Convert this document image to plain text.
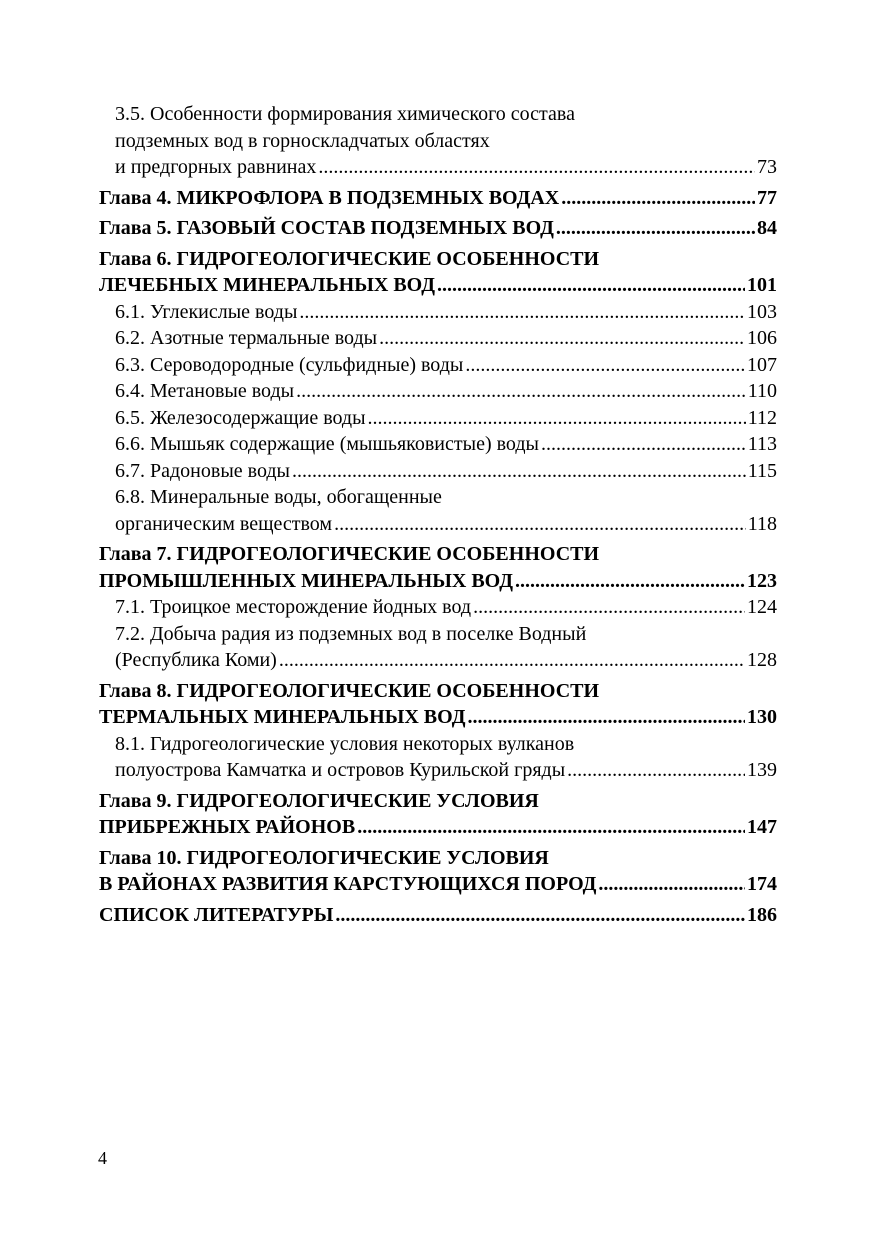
3.5. Особенности формирования химического состава
подземных вод в горноскладчатых областях
и предгорных равнинах .....	73
Глава 4. МИКРОФЛОРА В ПОДЗЕМНЫХ ВОДАХ .....	77
Глава 5. ГАЗОВЫЙ СОСТАВ ПОДЗЕМНЫХ ВОД .....	84
Глава 6. ГИДРОГЕОЛОГИЧЕСКИЕ ОСОБЕННОСТИ
ЛЕЧЕБНЫХ МИНЕРАЛЬНЫХ ВОД .....	101
6.1. Углекислые воды .....	103
6.2. Азотные термальные воды .....	106
6.3. Сероводородные (сульфидные) воды .....	107
6.4. Метановые воды .....	110
6.5. Железосодержащие воды .....	112
6.6. Мышьяк содержащие (мышьяковистые) воды .....	113
6.7. Радоновые воды .....	115
6.8. Минеральные воды, обогащенные
органическим веществом .....	118
Глава 7. ГИДРОГЕОЛОГИЧЕСКИЕ ОСОБЕННОСТИ
ПРОМЫШЛЕННЫХ МИНЕРАЛЬНЫХ ВОД .....	123
7.1. Троицкое месторождение йодных вод .....	124
7.2. Добыча радия из подземных вод в поселке Водный
(Республика Коми) .....	128
Глава 8. ГИДРОГЕОЛОГИЧЕСКИЕ ОСОБЕННОСТИ
ТЕРМАЛЬНЫХ МИНЕРАЛЬНЫХ ВОД .....	130
8.1. Гидрогеологические условия некоторых вулканов
полуострова Камчатка и островов Курильской гряды .....	139
Глава 9. ГИДРОГЕОЛОГИЧЕСКИЕ УСЛОВИЯ
ПРИБРЕЖНЫХ РАЙОНОВ .....	147
Глава 10. ГИДРОГЕОЛОГИЧЕСКИЕ УСЛОВИЯ
В РАЙОНАХ РАЗВИТИЯ КАРСТУЮЩИХСЯ ПОРОД .....	174
СПИСОК ЛИТЕРАТУРЫ .....	186
4
